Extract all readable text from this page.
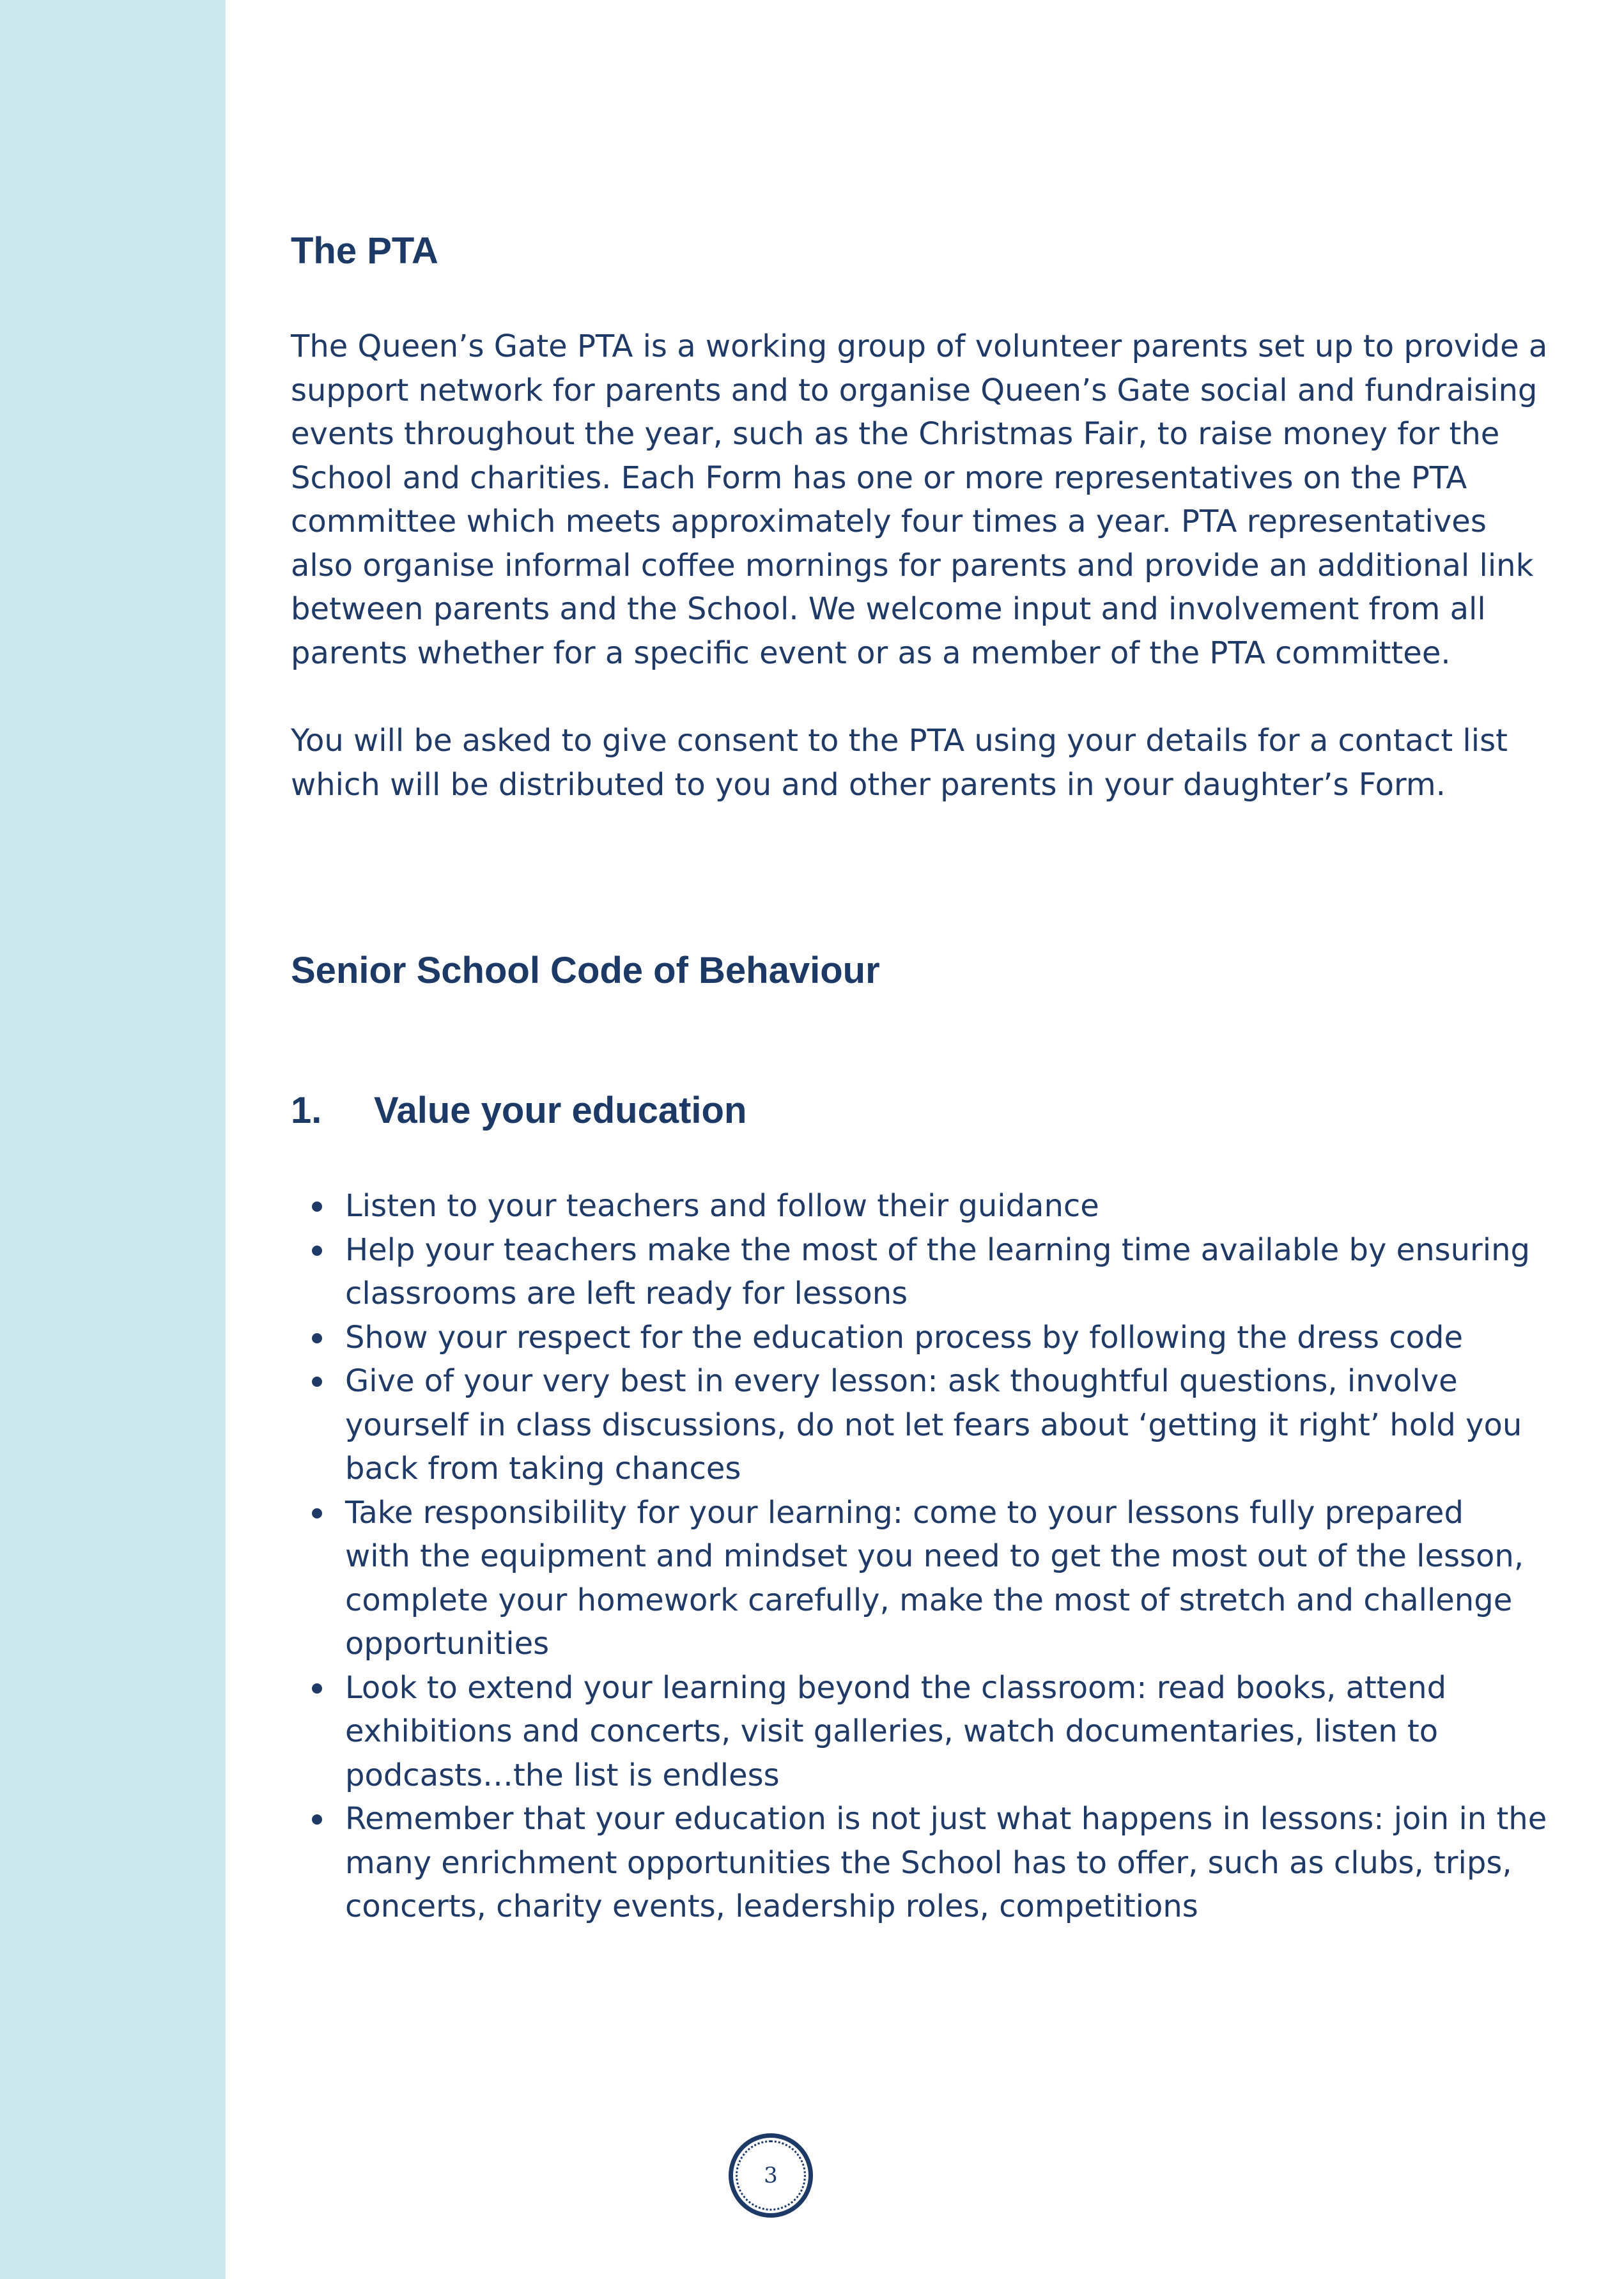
The PTA
The Queen’s Gate PTA is a working group of volunteer parents set up to provide a
support network for parents and to organise Queen’s Gate social and fundraising
events throughout the year, such as the Christmas Fair, to raise money for the
School and charities. Each Form has one or more representatives on the PTA
committee which meets approximately four times a year. PTA representatives
also organise informal coffee mornings for parents and provide an additional link
between parents and the School. We welcome input and involvement from all
parents whether for a specific event or as a member of the PTA committee.
You will be asked to give consent to the PTA using your details for a contact list
which will be distributed to you and other parents in your daughter’s Form.
Senior School Code of Behaviour
1. Value your education
Listen to your teachers and follow their guidance
Help your teachers make the most of the learning time available by ensuring
classrooms are left ready for lessons
Show your respect for the education process by following the dress code
Give of your very best in every lesson: ask thoughtful questions, involve
yourself in class discussions, do not let fears about ‘getting it right’ hold you
back from taking chances
Take responsibility for your learning: come to your lessons fully prepared
with the equipment and mindset you need to get the most out of the lesson,
complete your homework carefully, make the most of stretch and challenge
opportunities
Look to extend your learning beyond the classroom: read books, attend
exhibitions and concerts, visit galleries, watch documentaries, listen to
podcasts…the list is endless
Remember that your education is not just what happens in lessons: join in the
many enrichment opportunities the School has to offer, such as clubs, trips,
concerts, charity events, leadership roles, competitions
3
